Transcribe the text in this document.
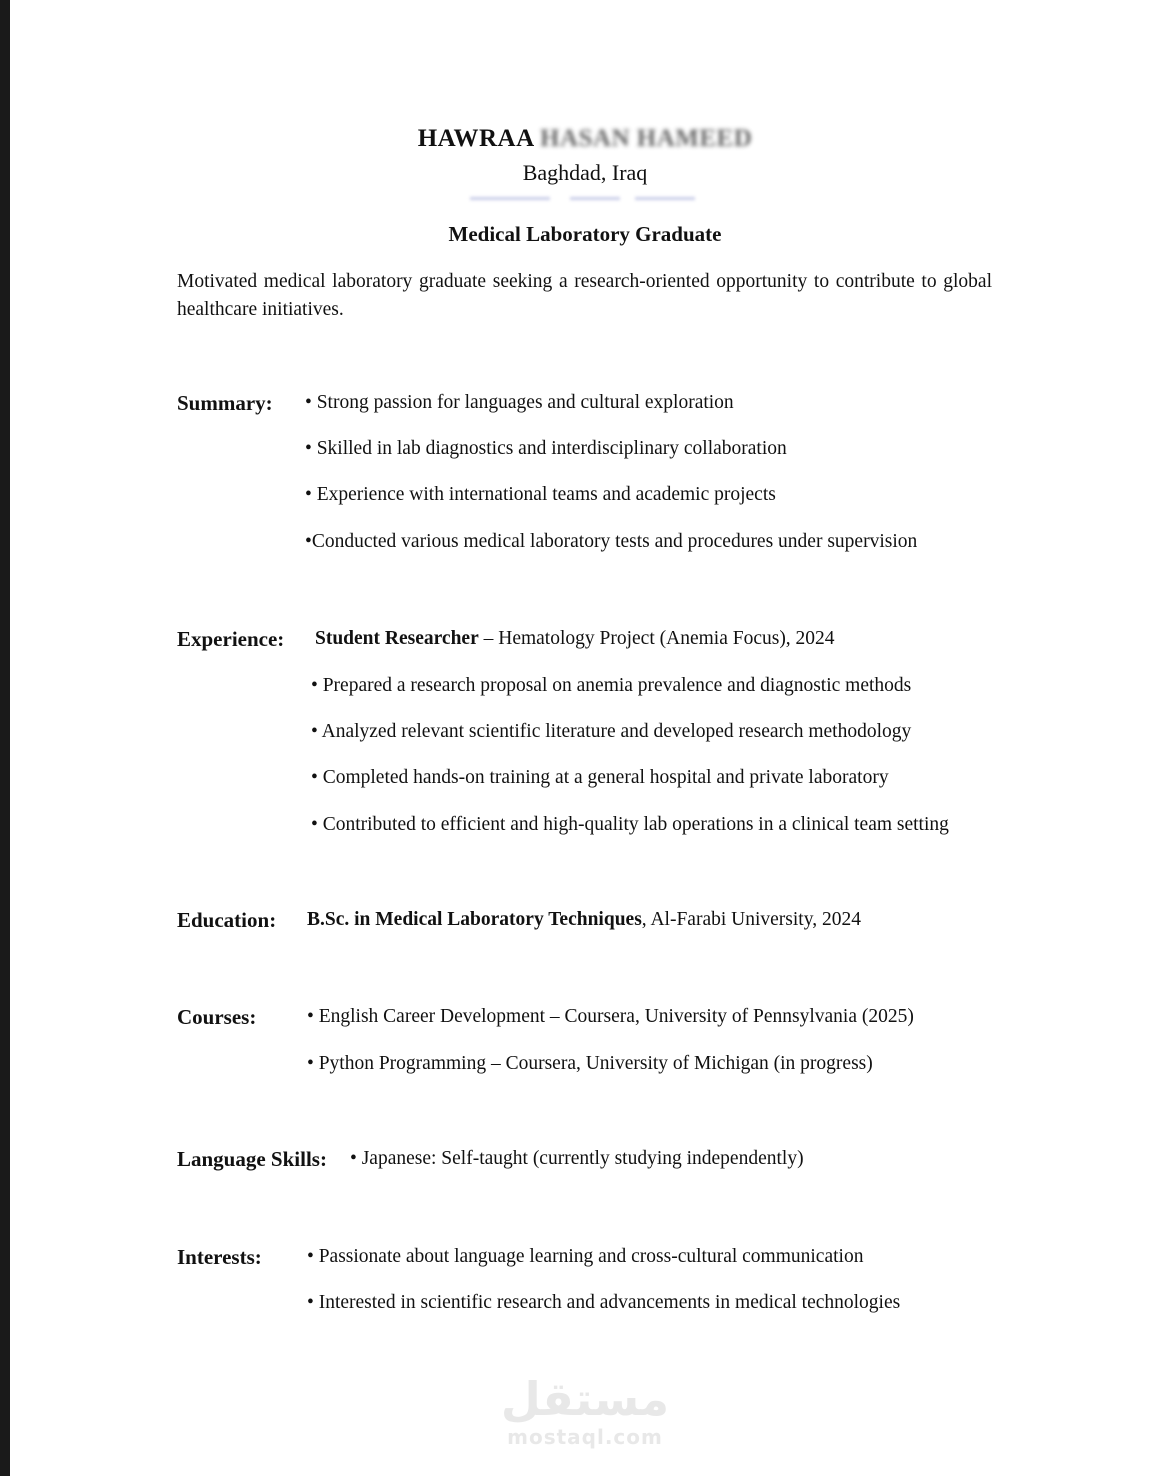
HAWRAA HASAN HAMEED
Baghdad, Iraq
Medical Laboratory Graduate
Motivated medical laboratory graduate seeking a research-oriented opportunity to contribute to global healthcare initiatives.
Summary: • Strong passion for languages and cultural exploration
• Skilled in lab diagnostics and interdisciplinary collaboration
• Experience with international teams and academic projects
•Conducted various medical laboratory tests and procedures under supervision
Experience: Student Researcher – Hematology Project (Anemia Focus), 2024
• Prepared a research proposal on anemia prevalence and diagnostic methods
• Analyzed relevant scientific literature and developed research methodology
• Completed hands-on training at a general hospital and private laboratory
• Contributed to efficient and high-quality lab operations in a clinical team setting
Education: B.Sc. in Medical Laboratory Techniques, Al-Farabi University, 2024
Courses:	• English Career Development – Coursera, University of Pennsylvania (2025)
• Python Programming – Coursera, University of Michigan (in progress)
Language Skills: • Japanese: Self-taught (currently studying independently)
Interests: • Passionate about language learning and cross-cultural communication
• Interested in scientific research and advancements in medical technologies
مستقل
mostaql.com
